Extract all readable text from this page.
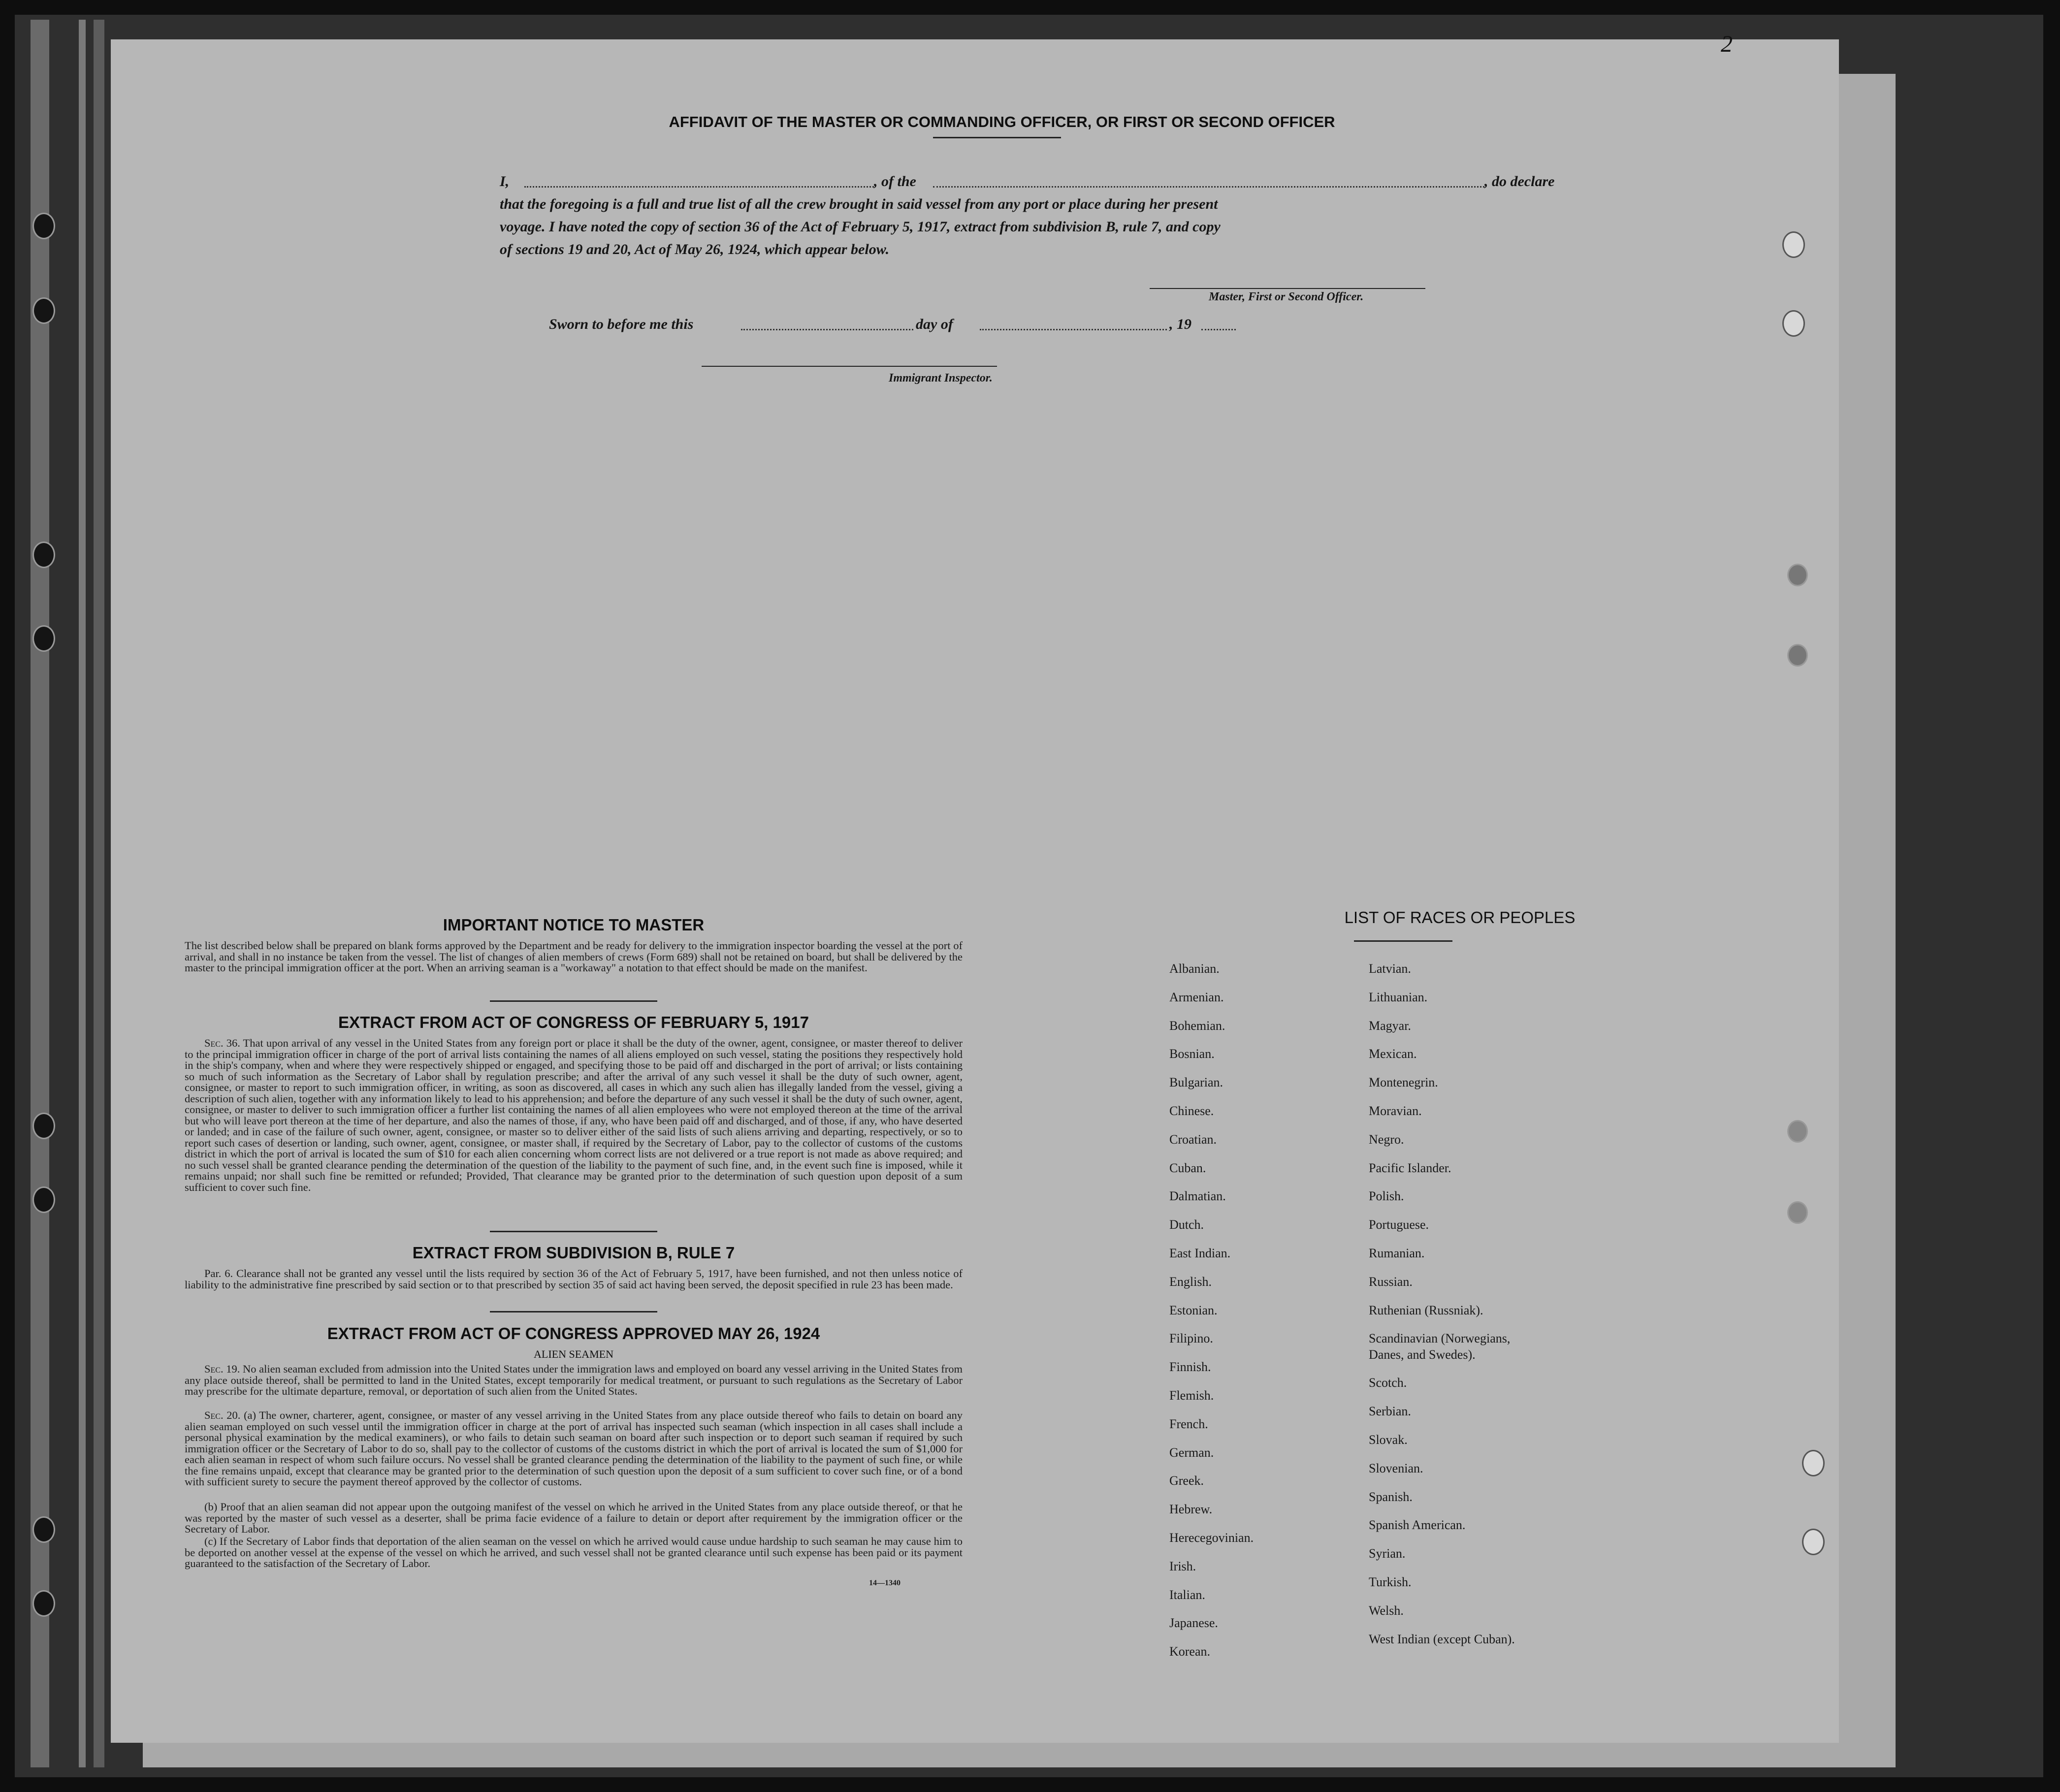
2
AFFIDAVIT OF THE MASTER OR COMMANDING OFFICER, OR FIRST OR SECOND OFFICER
I,	, of the	, do declare
that the foregoing is a full and true list of all the crew brought in said vessel from any port or place during her present
voyage. I have noted the copy of section 36 of the Act of February 5, 1917, extract from subdivision B, rule 7, and copy
of sections 19 and 20, Act of May 26, 1924, which appear below.
Master, First or Second Officer.
Sworn to before me this	day of	, 19
Immigrant Inspector.
IMPORTANT NOTICE TO MASTER
The list described below shall be prepared on blank forms approved by the Department and be ready for delivery to the immigration inspector boarding the vessel at the port of arrival, and shall in no instance be taken from the vessel. The list of changes of alien members of crews (Form 689) shall not be retained on board, but shall be delivered by the master to the principal immigration officer at the port. When an arriving seaman is a "workaway" a notation to that effect should be made on the manifest.
EXTRACT FROM ACT OF CONGRESS OF FEBRUARY 5, 1917
Sec. 36. That upon arrival of any vessel in the United States from any foreign port or place it shall be the duty of the owner, agent, consignee, or master thereof to deliver to the principal immigration officer in charge of the port of arrival lists containing the names of all aliens employed on such vessel, stating the positions they respectively hold in the ship's company, when and where they were respectively shipped or engaged, and specifying those to be paid off and discharged in the port of arrival; or lists containing so much of such information as the Secretary of Labor shall by regulation prescribe; and after the arrival of any such vessel it shall be the duty of such owner, agent, consignee, or master to report to such immigration officer, in writing, as soon as discovered, all cases in which any such alien has illegally landed from the vessel, giving a description of such alien, together with any information likely to lead to his apprehension; and before the departure of any such vessel it shall be the duty of such owner, agent, consignee, or master to deliver to such immigration officer a further list containing the names of all alien employees who were not employed thereon at the time of the arrival but who will leave port thereon at the time of her departure, and also the names of those, if any, who have been paid off and discharged, and of those, if any, who have deserted or landed; and in case of the failure of such owner, agent, consignee, or master so to deliver either of the said lists of such aliens arriving and departing, respectively, or so to report such cases of desertion or landing, such owner, agent, consignee, or master shall, if required by the Secretary of Labor, pay to the collector of customs of the customs district in which the port of arrival is located the sum of $10 for each alien concerning whom correct lists are not delivered or a true report is not made as above required; and no such vessel shall be granted clearance pending the determination of the question of the liability to the payment of such fine, and, in the event such fine is imposed, while it remains unpaid; nor shall such fine be remitted or refunded; Provided, That clearance may be granted prior to the determination of such question upon deposit of a sum sufficient to cover such fine.
EXTRACT FROM SUBDIVISION B, RULE 7
Par. 6. Clearance shall not be granted any vessel until the lists required by section 36 of the Act of February 5, 1917, have been furnished, and not then unless notice of liability to the administrative fine prescribed by said section or to that prescribed by section 35 of said act having been served, the deposit specified in rule 23 has been made.
EXTRACT FROM ACT OF CONGRESS APPROVED MAY 26, 1924
ALIEN SEAMEN
Sec. 19. No alien seaman excluded from admission into the United States under the immigration laws and employed on board any vessel arriving in the United States from any place outside thereof, shall be permitted to land in the United States, except temporarily for medical treatment, or pursuant to such regulations as the Secretary of Labor may prescribe for the ultimate departure, removal, or deportation of such alien from the United States.
Sec. 20. (a) The owner, charterer, agent, consignee, or master of any vessel arriving in the United States from any place outside thereof who fails to detain on board any alien seaman employed on such vessel until the immigration officer in charge at the port of arrival has inspected such seaman (which inspection in all cases shall include a personal physical examination by the medical examiners), or who fails to detain such seaman on board after such inspection or to deport such seaman if required by such immigration officer or the Secretary of Labor to do so, shall pay to the collector of customs of the customs district in which the port of arrival is located the sum of $1,000 for each alien seaman in respect of whom such failure occurs. No vessel shall be granted clearance pending the determination of the liability to the payment of such fine, or while the fine remains unpaid, except that clearance may be granted prior to the determination of such question upon the deposit of a sum sufficient to cover such fine, or of a bond with sufficient surety to secure the payment thereof approved by the collector of customs.
(b) Proof that an alien seaman did not appear upon the outgoing manifest of the vessel on which he arrived in the United States from any place outside thereof, or that he was reported by the master of such vessel as a deserter, shall be prima facie evidence of a failure to detain or deport after requirement by the immigration officer or the Secretary of Labor.
(c) If the Secretary of Labor finds that deportation of the alien seaman on the vessel on which he arrived would cause undue hardship to such seaman he may cause him to be deported on another vessel at the expense of the vessel on which he arrived, and such vessel shall not be granted clearance until such expense has been paid or its payment guaranteed to the satisfaction of the Secretary of Labor.
14—1340
LIST OF RACES OR PEOPLES
Albanian.
Armenian.
Bohemian.
Bosnian.
Bulgarian.
Chinese.
Croatian.
Cuban.
Dalmatian.
Dutch.
East Indian.
English.
Estonian.
Filipino.
Finnish.
Flemish.
French.
German.
Greek.
Hebrew.
Herecegovinian.
Irish.
Italian.
Japanese.
Korean.
Latvian.
Lithuanian.
Magyar.
Mexican.
Montenegrin.
Moravian.
Negro.
Pacific Islander.
Polish.
Portuguese.
Rumanian.
Russian.
Ruthenian (Russniak).
Scandinavian (Norwegians,
Danes, and Swedes).
Scotch.
Serbian.
Slovak.
Slovenian.
Spanish.
Spanish American.
Syrian.
Turkish.
Welsh.
West Indian (except Cuban).
